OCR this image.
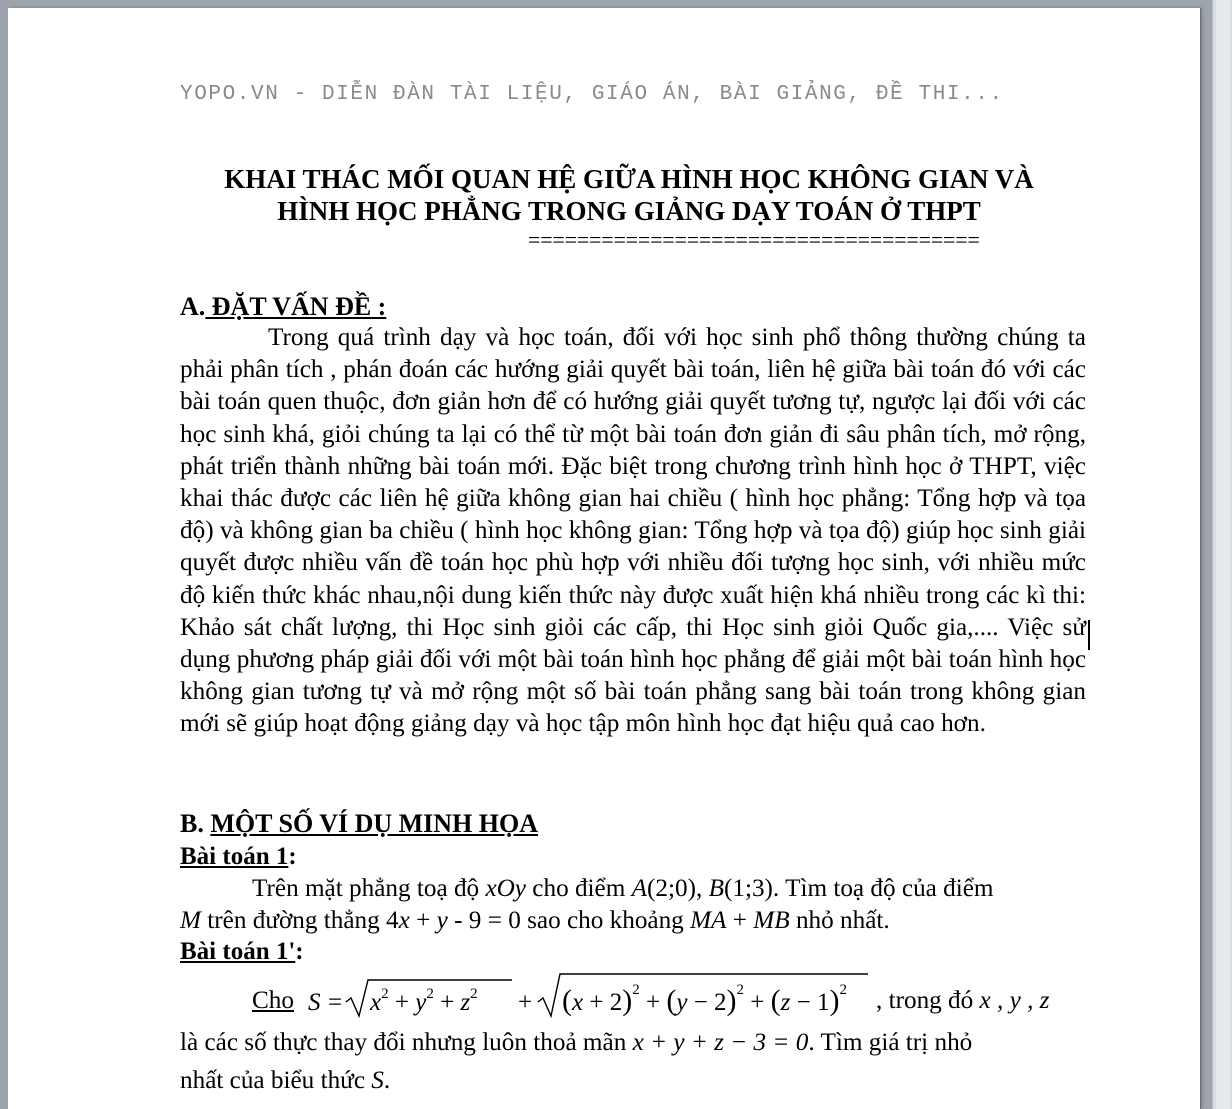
YOPO.VN - DIỄN ĐÀN TÀI LIỆU, GIÁO ÁN, BÀI GIẢNG, ĐỀ THI...
KHAI THÁC MỐI QUAN HỆ GIỮA HÌNH HỌC KHÔNG GIAN VÀ
HÌNH HỌC PHẲNG TRONG GIẢNG DẠY TOÁN Ở THPT
=====================================
A. ĐẶT VẤN ĐỀ :
Trong quá trình dạy và học toán, đối với học sinh phổ thông thường chúng ta phải phân tích , phán đoán các hướng giải quyết bài toán, liên hệ giữa bài toán đó với các bài toán quen thuộc, đơn giản hơn để có hướng giải quyết tương tự, ngược lại đối với các học sinh khá, giỏi chúng ta lại có thể từ một bài toán đơn giản đi sâu phân tích, mở rộng, phát triển thành những bài toán mới. Đặc biệt trong chương trình hình học ở THPT, việc khai thác được các liên hệ giữa không gian hai chiều ( hình học phẳng: Tổng hợp và tọa độ) và không gian ba chiều ( hình học không gian: Tổng hợp và tọa độ) giúp học sinh giải quyết được nhiều vấn đề toán học phù hợp với nhiều đối tượng học sinh, với nhiều mức độ kiến thức khác nhau,nội dung kiến thức này được xuất hiện khá nhiều trong các kì thi: Khảo sát chất lượng, thi Học sinh giỏi các cấp, thi Học sinh giỏi Quốc gia,.... Việc sử dụng phương pháp giải đối với một bài toán hình học phẳng để giải một bài toán hình học không gian tương tự và mở rộng một số bài toán phẳng sang bài toán trong không gian mới sẽ giúp hoạt động giảng dạy và học tập môn hình học đạt hiệu quả cao hơn.
B. MỘT SỐ VÍ DỤ MINH HỌA
Bài toán 1:
Trên mặt phẳng toạ độ xOy cho điểm A(2;0), B(1;3). Tìm toạ độ của điểm
M trên đường thẳng 4x + y - 9 = 0 sao cho khoảng MA + MB nhỏ nhất.
Bài toán 1':
Cho $S = x^2 + y^2 + z^2 + (x + 2)^2 + (y - 2)^2 + (z - 1)^2$ , trong đó x , y , z
là các số thực thay đổi nhưng luôn thoả mãn x + y + z − 3 = 0. Tìm giá trị nhỏ
nhất của biểu thức S.
